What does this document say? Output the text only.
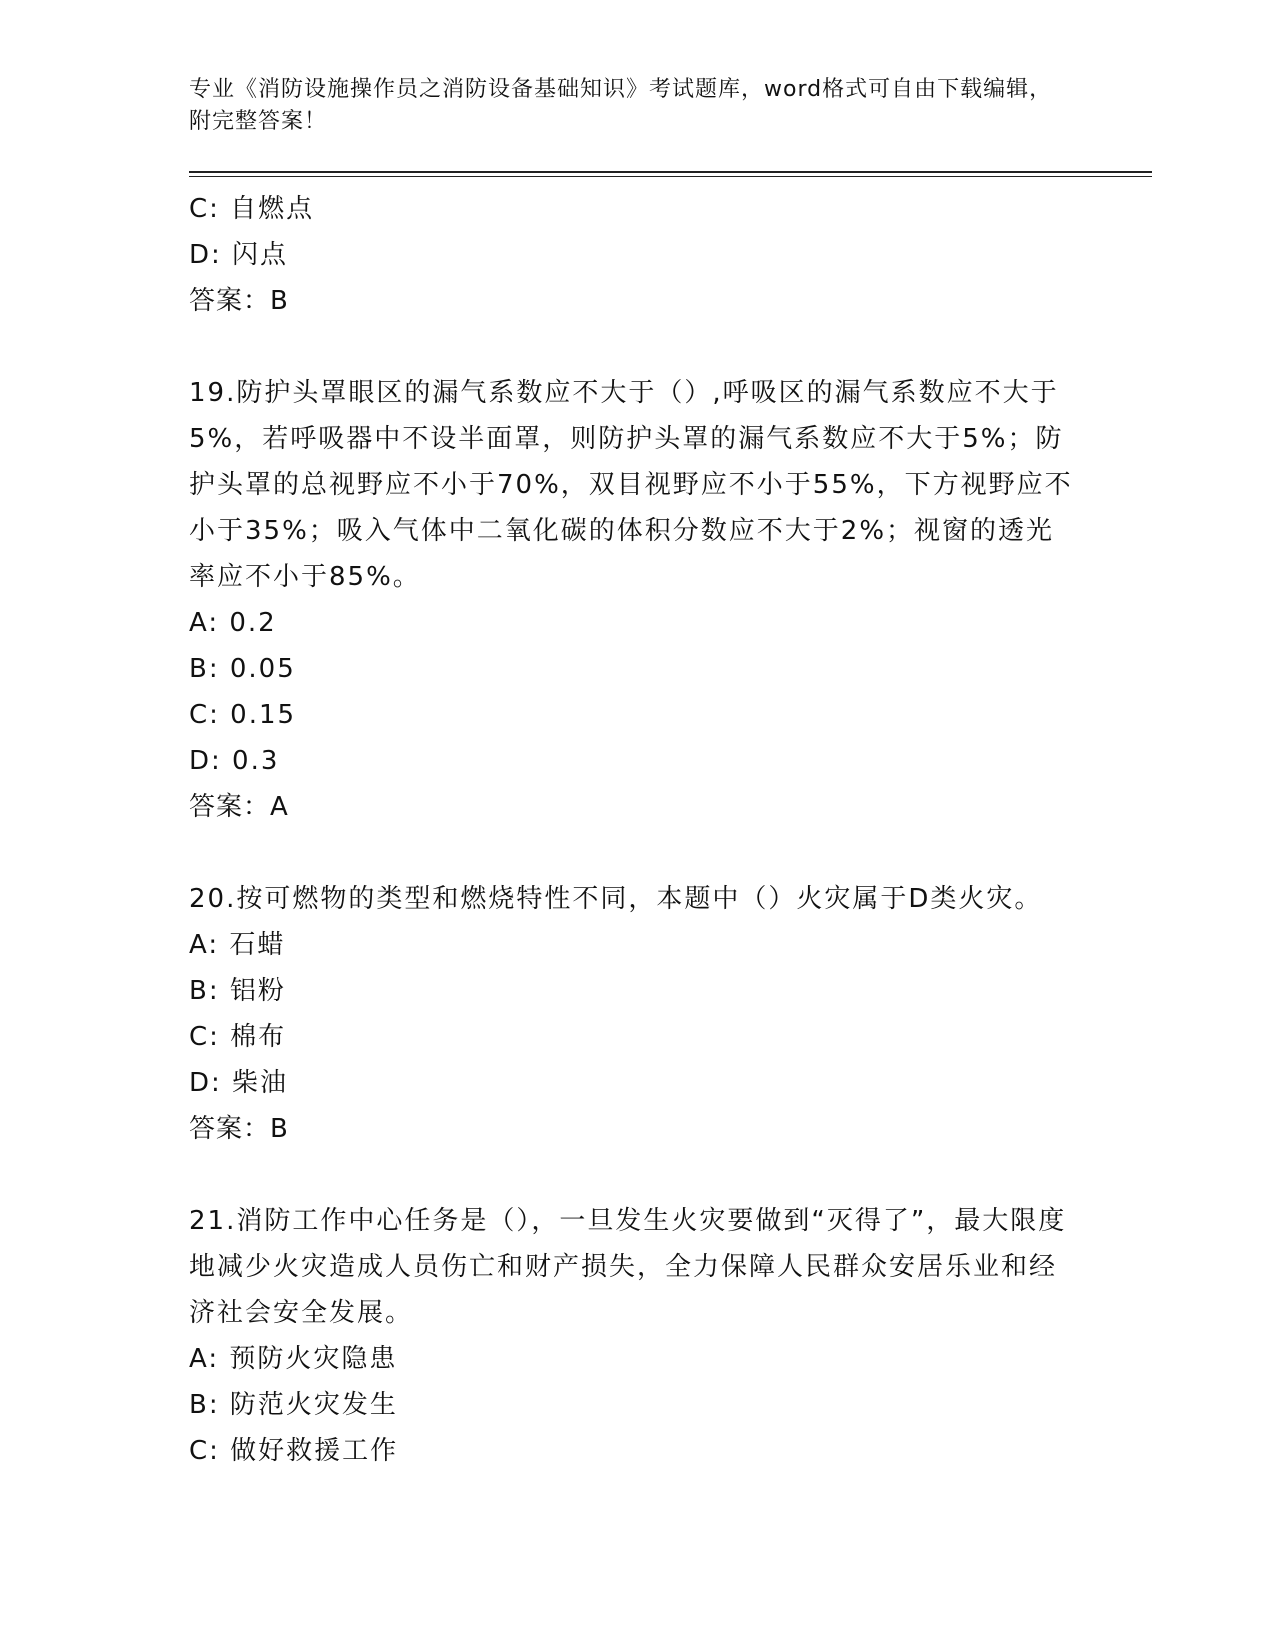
专业《消防设施操作员之消防设备基础知识》考试题库，word格式可自由下载编辑，附完整答案！
C: 自燃点
D: 闪点
答案：B
19.防护头罩眼区的漏气系数应不大于（）,呼吸区的漏气系数应不大于5%，若呼吸器中不设半面罩，则防护头罩的漏气系数应不大于5%；防护头罩的总视野应不小于70%，双目视野应不小于55%，下方视野应不小于35%；吸入气体中二氧化碳的体积分数应不大于2%；视窗的透光率应不小于85%。
A: 0.2
B: 0.05
C: 0.15
D: 0.3
答案：A
20.按可燃物的类型和燃烧特性不同，本题中（）火灾属于D类火灾。
A: 石蜡
B: 铝粉
C: 棉布
D: 柴油
答案：B
21.消防工作中心任务是（），一旦发生火灾要做到“灭得了”，最大限度地减少火灾造成人员伤亡和财产损失，全力保障人民群众安居乐业和经济社会安全发展。
A: 预防火灾隐患
B: 防范火灾发生
C: 做好救援工作
